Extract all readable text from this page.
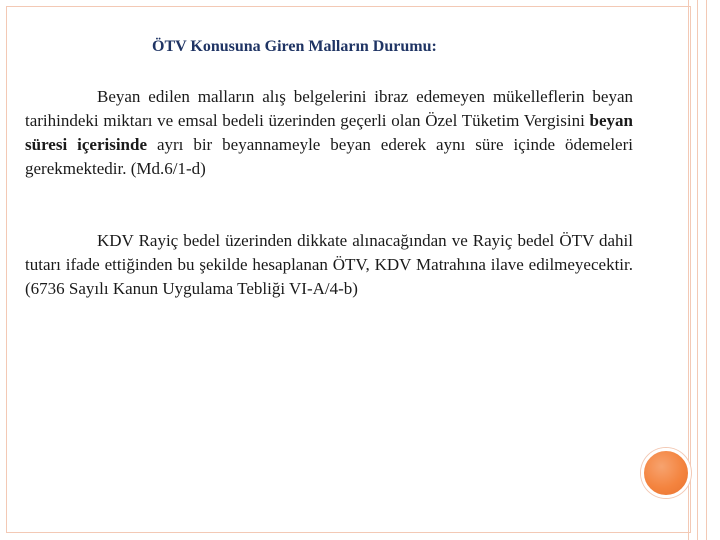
ÖTV Konusuna Giren Malların Durumu:
Beyan edilen malların alış belgelerini ibraz edemeyen mükelleflerin beyan tarihindeki miktarı ve emsal bedeli üzerinden geçerli olan Özel Tüketim Vergisini beyan süresi içerisinde ayrı bir beyannameyle beyan ederek aynı süre içinde ödemeleri gerekmektedir. (Md.6/1-d)
KDV Rayiç bedel üzerinden dikkate alınacağından ve Rayiç bedel ÖTV dahil tutarı ifade ettiğinden bu şekilde hesaplanan ÖTV, KDV Matrahına ilave edilmeyecektir. (6736 Sayılı Kanun Uygulama Tebliği VI-A/4-b)
